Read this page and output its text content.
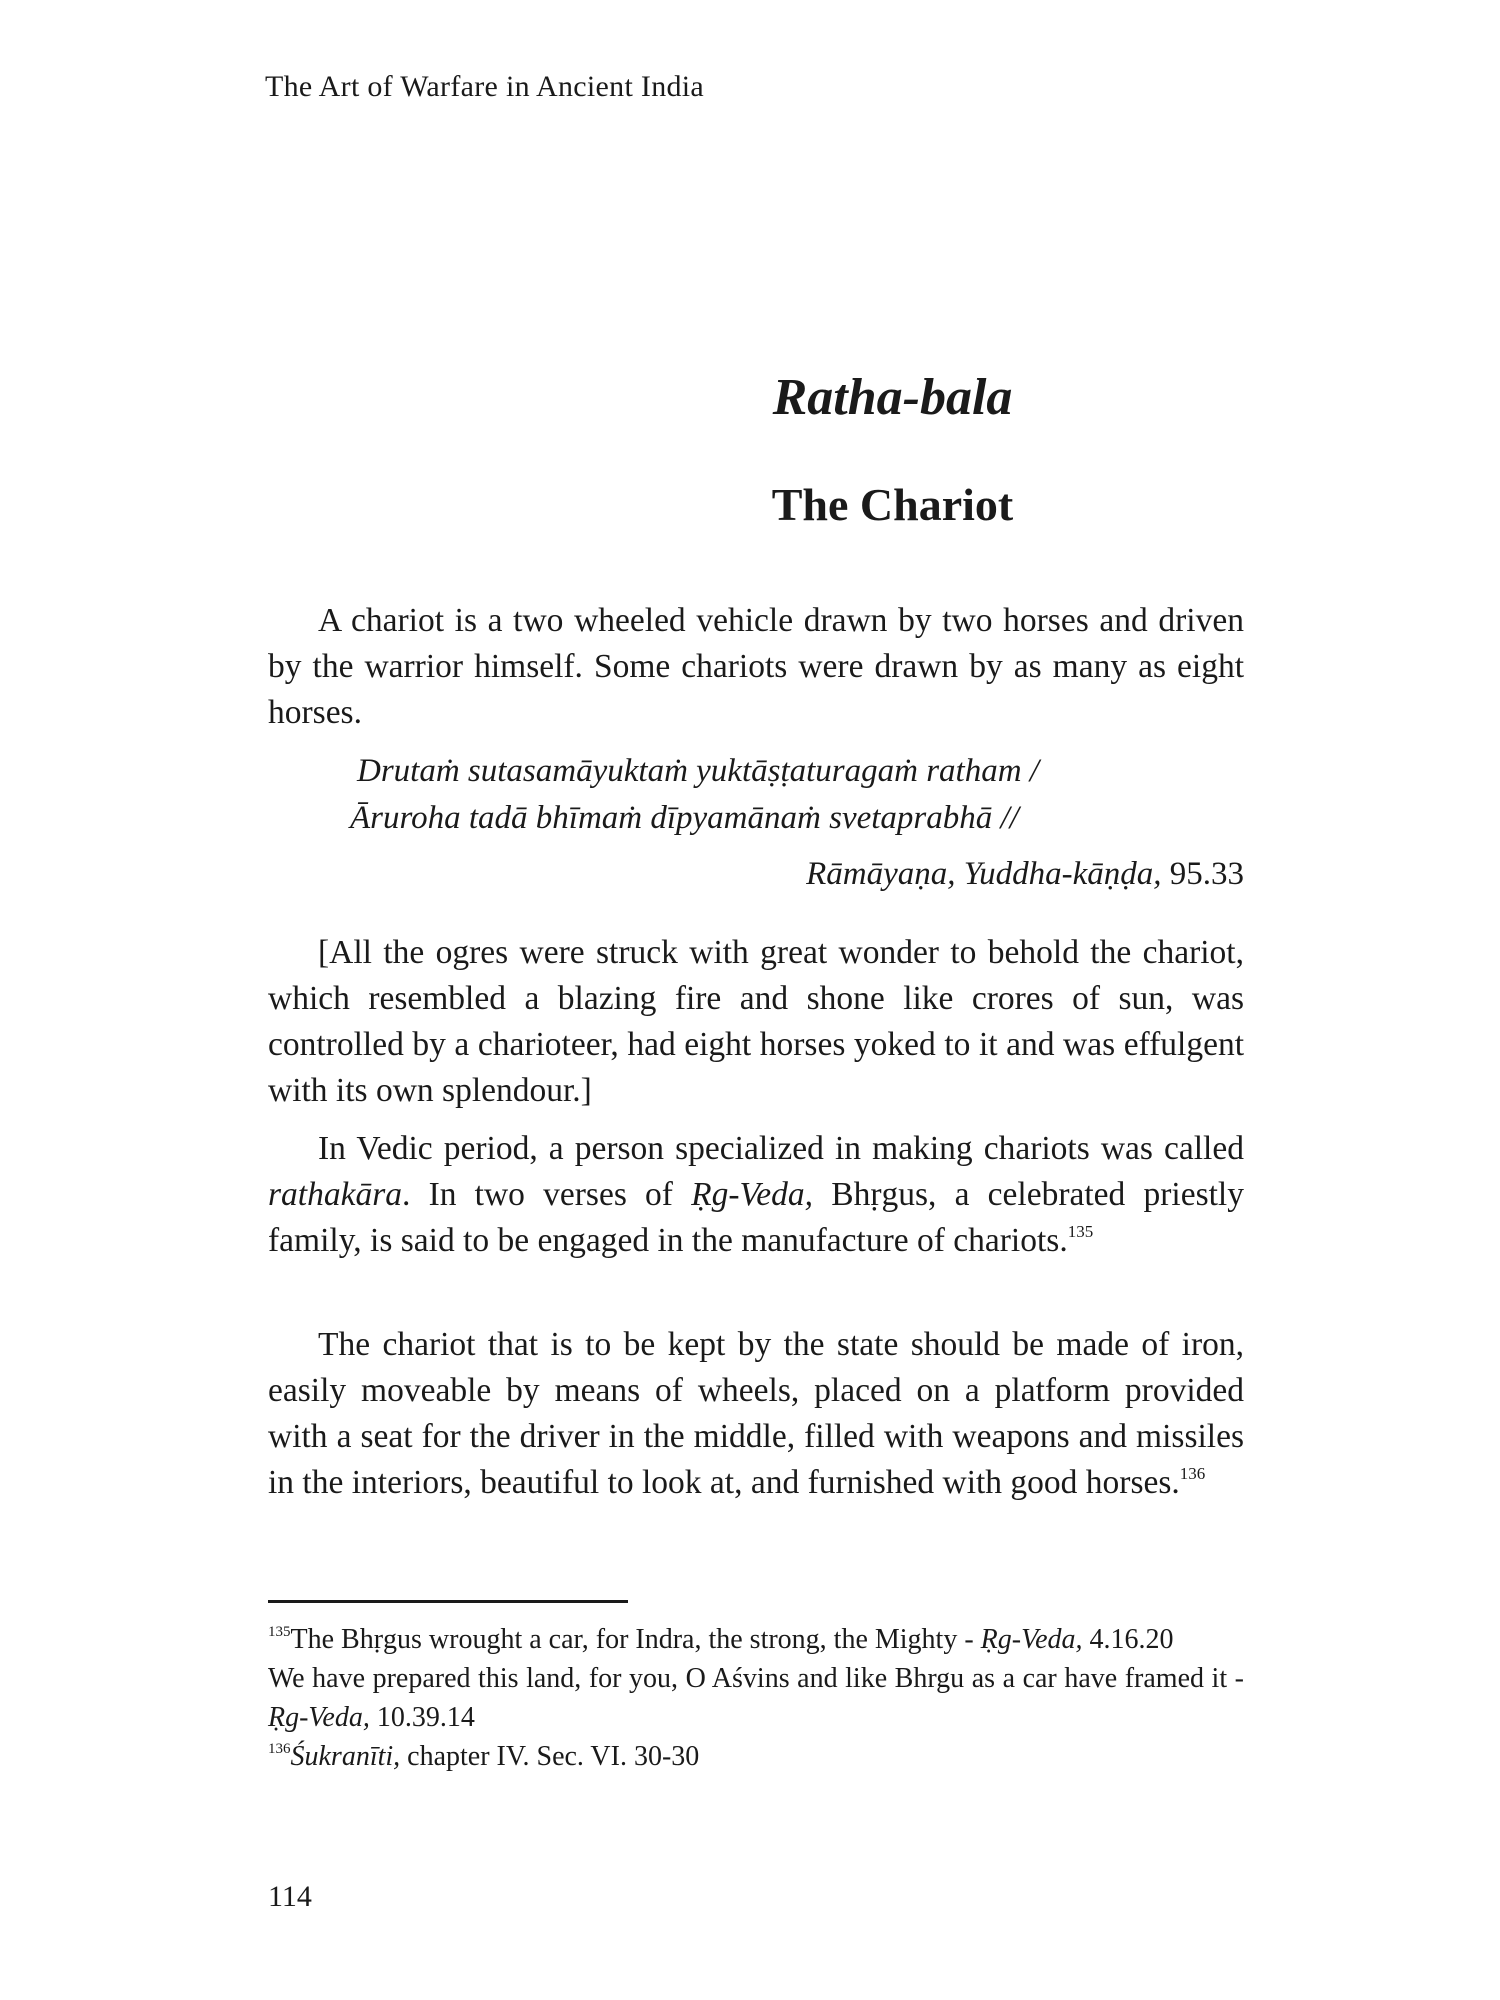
The Art of Warfare in Ancient India
Ratha-bala
The Chariot

A chariot is a two wheeled vehicle drawn by two horses and driven by the warrior himself. Some chariots were drawn by as many as eight horses.

Drutaṁ sutasamāyuktaṁ yuktāṣṭaturagaṁ ratham /
Āruroha tadā bhīmaṁ dīpyamānaṁ svetaprabhā //
Rāmāyaṇa, Yuddha-kāṇḍa, 95.33

[All the ogres were struck with great wonder to behold the chariot, which resembled a blazing fire and shone like crores of sun, was controlled by a charioteer, had eight horses yoked to it and was effulgent with its own splendour.]

In Vedic period, a person specialized in making chariots was called rathakāra. In two verses of Ṛg-Veda, Bhṛgus, a celebrated priestly family, is said to be engaged in the manufacture of chariots.$^{135}$

The chariot that is to be kept by the state should be made of iron, easily moveable by means of wheels, placed on a platform provided with a seat for the driver in the middle, filled with weapons and missiles in the interiors, beautiful to look at, and furnished with good horses.$^{136}$

$^{135}$The Bhṛgus wrought a car, for Indra, the strong, the Mighty - Ṛg-Veda, 4.16.20

We have prepared this land, for you, O Aśvins and like Bhrgu as a car have framed it - Ṛg-Veda, 10.39.14

$^{136}$Śukranīti, chapter IV. Sec. VI. 30-30

114
